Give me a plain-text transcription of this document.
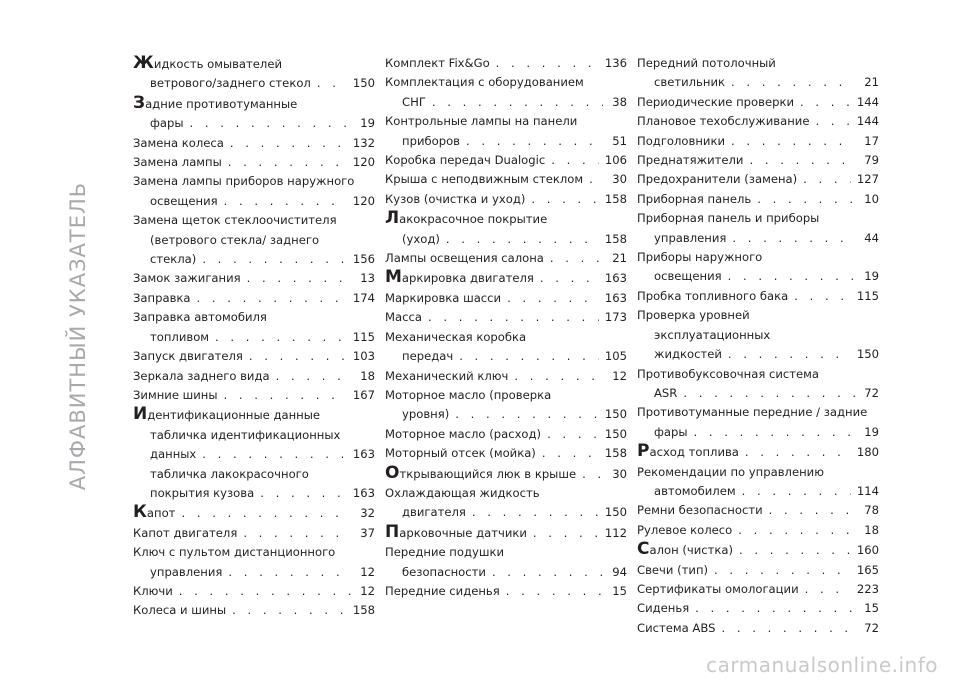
АЛФАВИТНЫЙ УКАЗАТЕЛЬ
Ж идкость омывателей
ветрового/заднего стекол . . .	150
З адние противотуманные
фары . . .	19
Замена колеса . . .	132
Замена лампы . . .	120
Замена лампы приборов наружного
освещения . . .	120
Замена щеток стеклоочистителя
(ветрового стекла/ заднего
стекла) . . .	156
Замок зажигания . . .	13
Заправка . . .	174
Заправка автомобиля
топливом . . .	115
Запуск двигателя . . .	103
Зеркала заднего вида . . .	18
Зимние шины . . .	167
И дентификационные данные
табличка идентификационных
данных . . .	163
табличка лакокрасочного
покрытия кузова . . .	163
К апот . . .	32
Капот двигателя . . .	37
Ключ с пультом дистанционного
управления . . .	12
Ключи . . .	12
Колеса и шины . . .	158
Комплект Fix&Go . . .	136
Комплектация с оборудованием
СНГ . . .	38
Контрольные лампы на панели
приборов . . .	51
Коробка передач Dualogic . . .	106
Крыша с неподвижным стеклом . . .	30
Кузов (очистка и уход) . . .	158
Л акокрасочное покрытие
(уход) . . .	158
Лампы освещения салона . . .	21
М аркировка двигателя . . .	163
Маркировка шасси . . .	163
Масса . . .	173
Механическая коробка
передач . . .	105
Механический ключ . . .	12
Моторное масло (проверка
уровня) . . .	150
Моторное масло (расход) . . .	150
Моторный отсек (мойка) . . .	158
О ткрывающийся люк в крыше . . .	30
Охлаждающая жидкость
двигателя . . .	150
П арковочные датчики . . .	112
Передние подушки
безопасности . . .	94
Передние сиденья . . .	15
Передний потолочный
светильник . . .	21
Периодические проверки . . .	144
Плановое техобслуживание . . .	144
Подголовники . . .	17
Преднатяжители . . .	79
Предохранители (замена) . . .	127
Приборная панель . . .	10
Приборная панель и приборы
управления . . .	44
Приборы наружного
освещения . . .	19
Пробка топливного бака . . .	115
Проверка уровней
эксплуатационных
жидкостей . . .	150
Противобуксовочная система
ASR . . .	72
Противотуманные передние / задние
фары . . .	19
Р асход топлива . . .	180
Рекомендации по управлению
автомобилем . . .	114
Ремни безопасности . . .	78
Рулевое колесо . . .	18
С алон (чистка) . . .	160
Свечи (тип) . . .	165
Сертификаты омологации . . .	223
Сиденья . . .	15
Система ABS . . .	72
carmanualsonline.info
